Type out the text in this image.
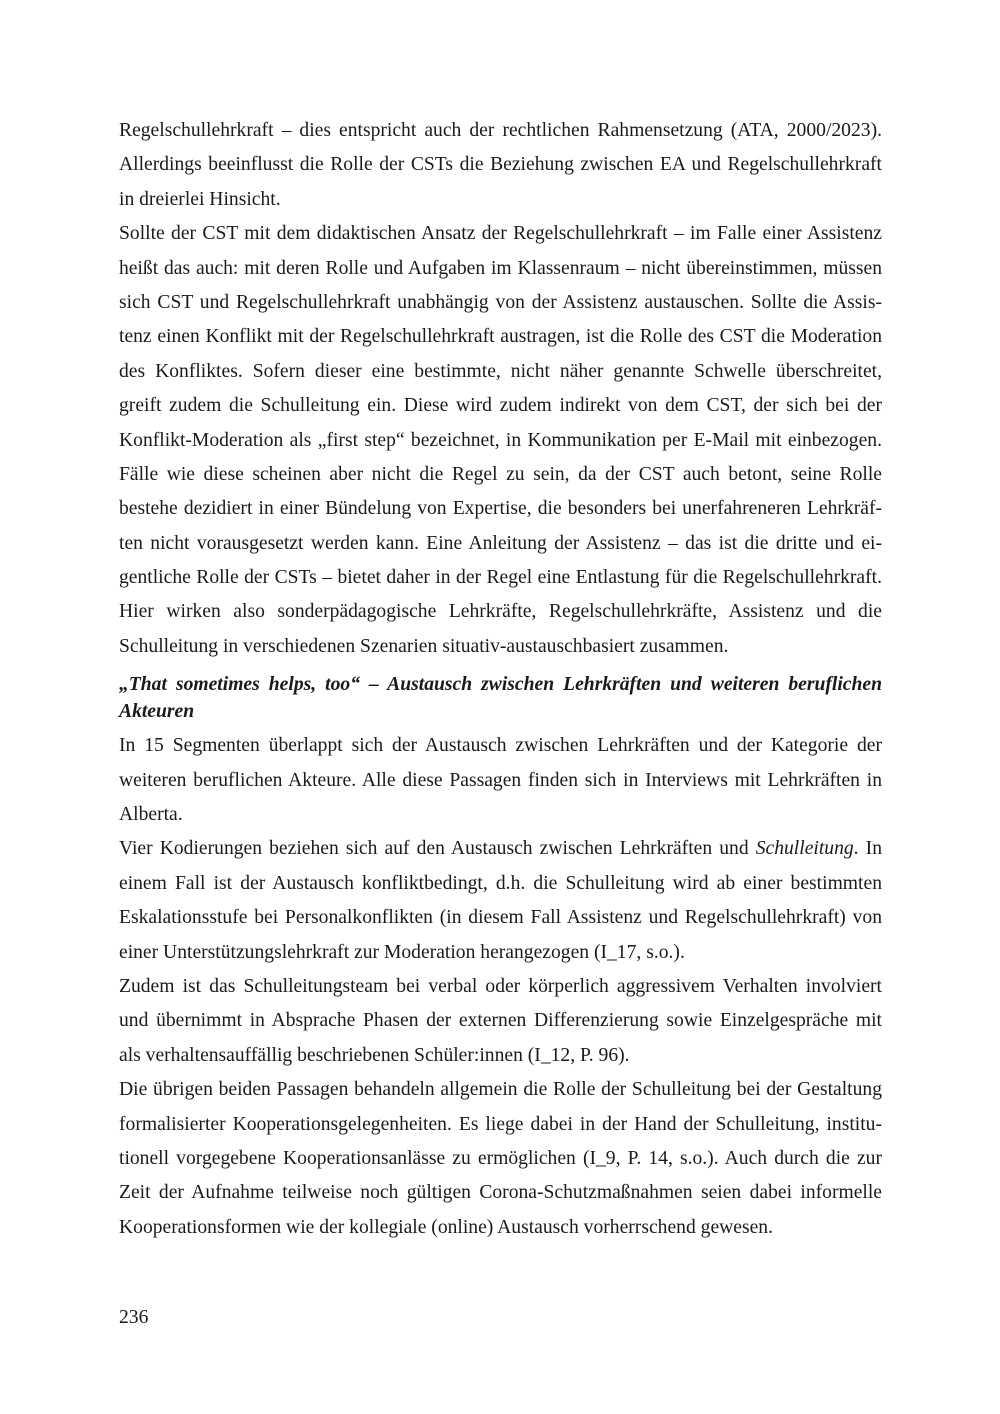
Regelschullehrkraft – dies entspricht auch der rechtlichen Rahmensetzung (ATA, 2000/2023).
Allerdings beeinflusst die Rolle der CSTs die Beziehung zwischen EA und Regelschullehrkraft
in dreierlei Hinsicht.
Sollte der CST mit dem didaktischen Ansatz der Regelschullehrkraft – im Falle einer Assistenz
heißt das auch: mit deren Rolle und Aufgaben im Klassenraum – nicht übereinstimmen, müssen
sich CST und Regelschullehrkraft unabhängig von der Assistenz austauschen. Sollte die Assis-
tenz einen Konflikt mit der Regelschullehrkraft austragen, ist die Rolle des CST die Moderation
des Konfliktes. Sofern dieser eine bestimmte, nicht näher genannte Schwelle überschreitet,
greift zudem die Schulleitung ein. Diese wird zudem indirekt von dem CST, der sich bei der
Konflikt-Moderation als „first step“ bezeichnet, in Kommunikation per E-Mail mit einbezogen.
Fälle wie diese scheinen aber nicht die Regel zu sein, da der CST auch betont, seine Rolle
bestehe dezidiert in einer Bündelung von Expertise, die besonders bei unerfahreneren Lehrkräf-
ten nicht vorausgesetzt werden kann. Eine Anleitung der Assistenz – das ist die dritte und ei-
gentliche Rolle der CSTs – bietet daher in der Regel eine Entlastung für die Regelschullehrkraft.
Hier wirken also sonderpädagogische Lehrkräfte, Regelschullehrkräfte, Assistenz und die
Schulleitung in verschiedenen Szenarien situativ-austauschbasiert zusammen.
„That sometimes helps, too“ – Austausch zwischen Lehrkräften und weiteren beruflichen
Akteuren
In 15 Segmenten überlappt sich der Austausch zwischen Lehrkräften und der Kategorie der
weiteren beruflichen Akteure. Alle diese Passagen finden sich in Interviews mit Lehrkräften in
Alberta.
Vier Kodierungen beziehen sich auf den Austausch zwischen Lehrkräften und Schulleitung. In
einem Fall ist der Austausch konfliktbedingt, d.h. die Schulleitung wird ab einer bestimmten
Eskalationsstufe bei Personalkonflikten (in diesem Fall Assistenz und Regelschullehrkraft) von
einer Unterstützungslehrkraft zur Moderation herangezogen (I_17, s.o.).
Zudem ist das Schulleitungsteam bei verbal oder körperlich aggressivem Verhalten involviert
und übernimmt in Absprache Phasen der externen Differenzierung sowie Einzelgespräche mit
als verhaltensauffällig beschriebenen Schüler:innen (I_12, P. 96).
Die übrigen beiden Passagen behandeln allgemein die Rolle der Schulleitung bei der Gestaltung
formalisierter Kooperationsgelegenheiten. Es liege dabei in der Hand der Schulleitung, institu-
tionell vorgegebene Kooperationsanlässe zu ermöglichen (I_9, P. 14, s.o.). Auch durch die zur
Zeit der Aufnahme teilweise noch gültigen Corona-Schutzmaßnahmen seien dabei informelle
Kooperationsformen wie der kollegiale (online) Austausch vorherrschend gewesen.
236
